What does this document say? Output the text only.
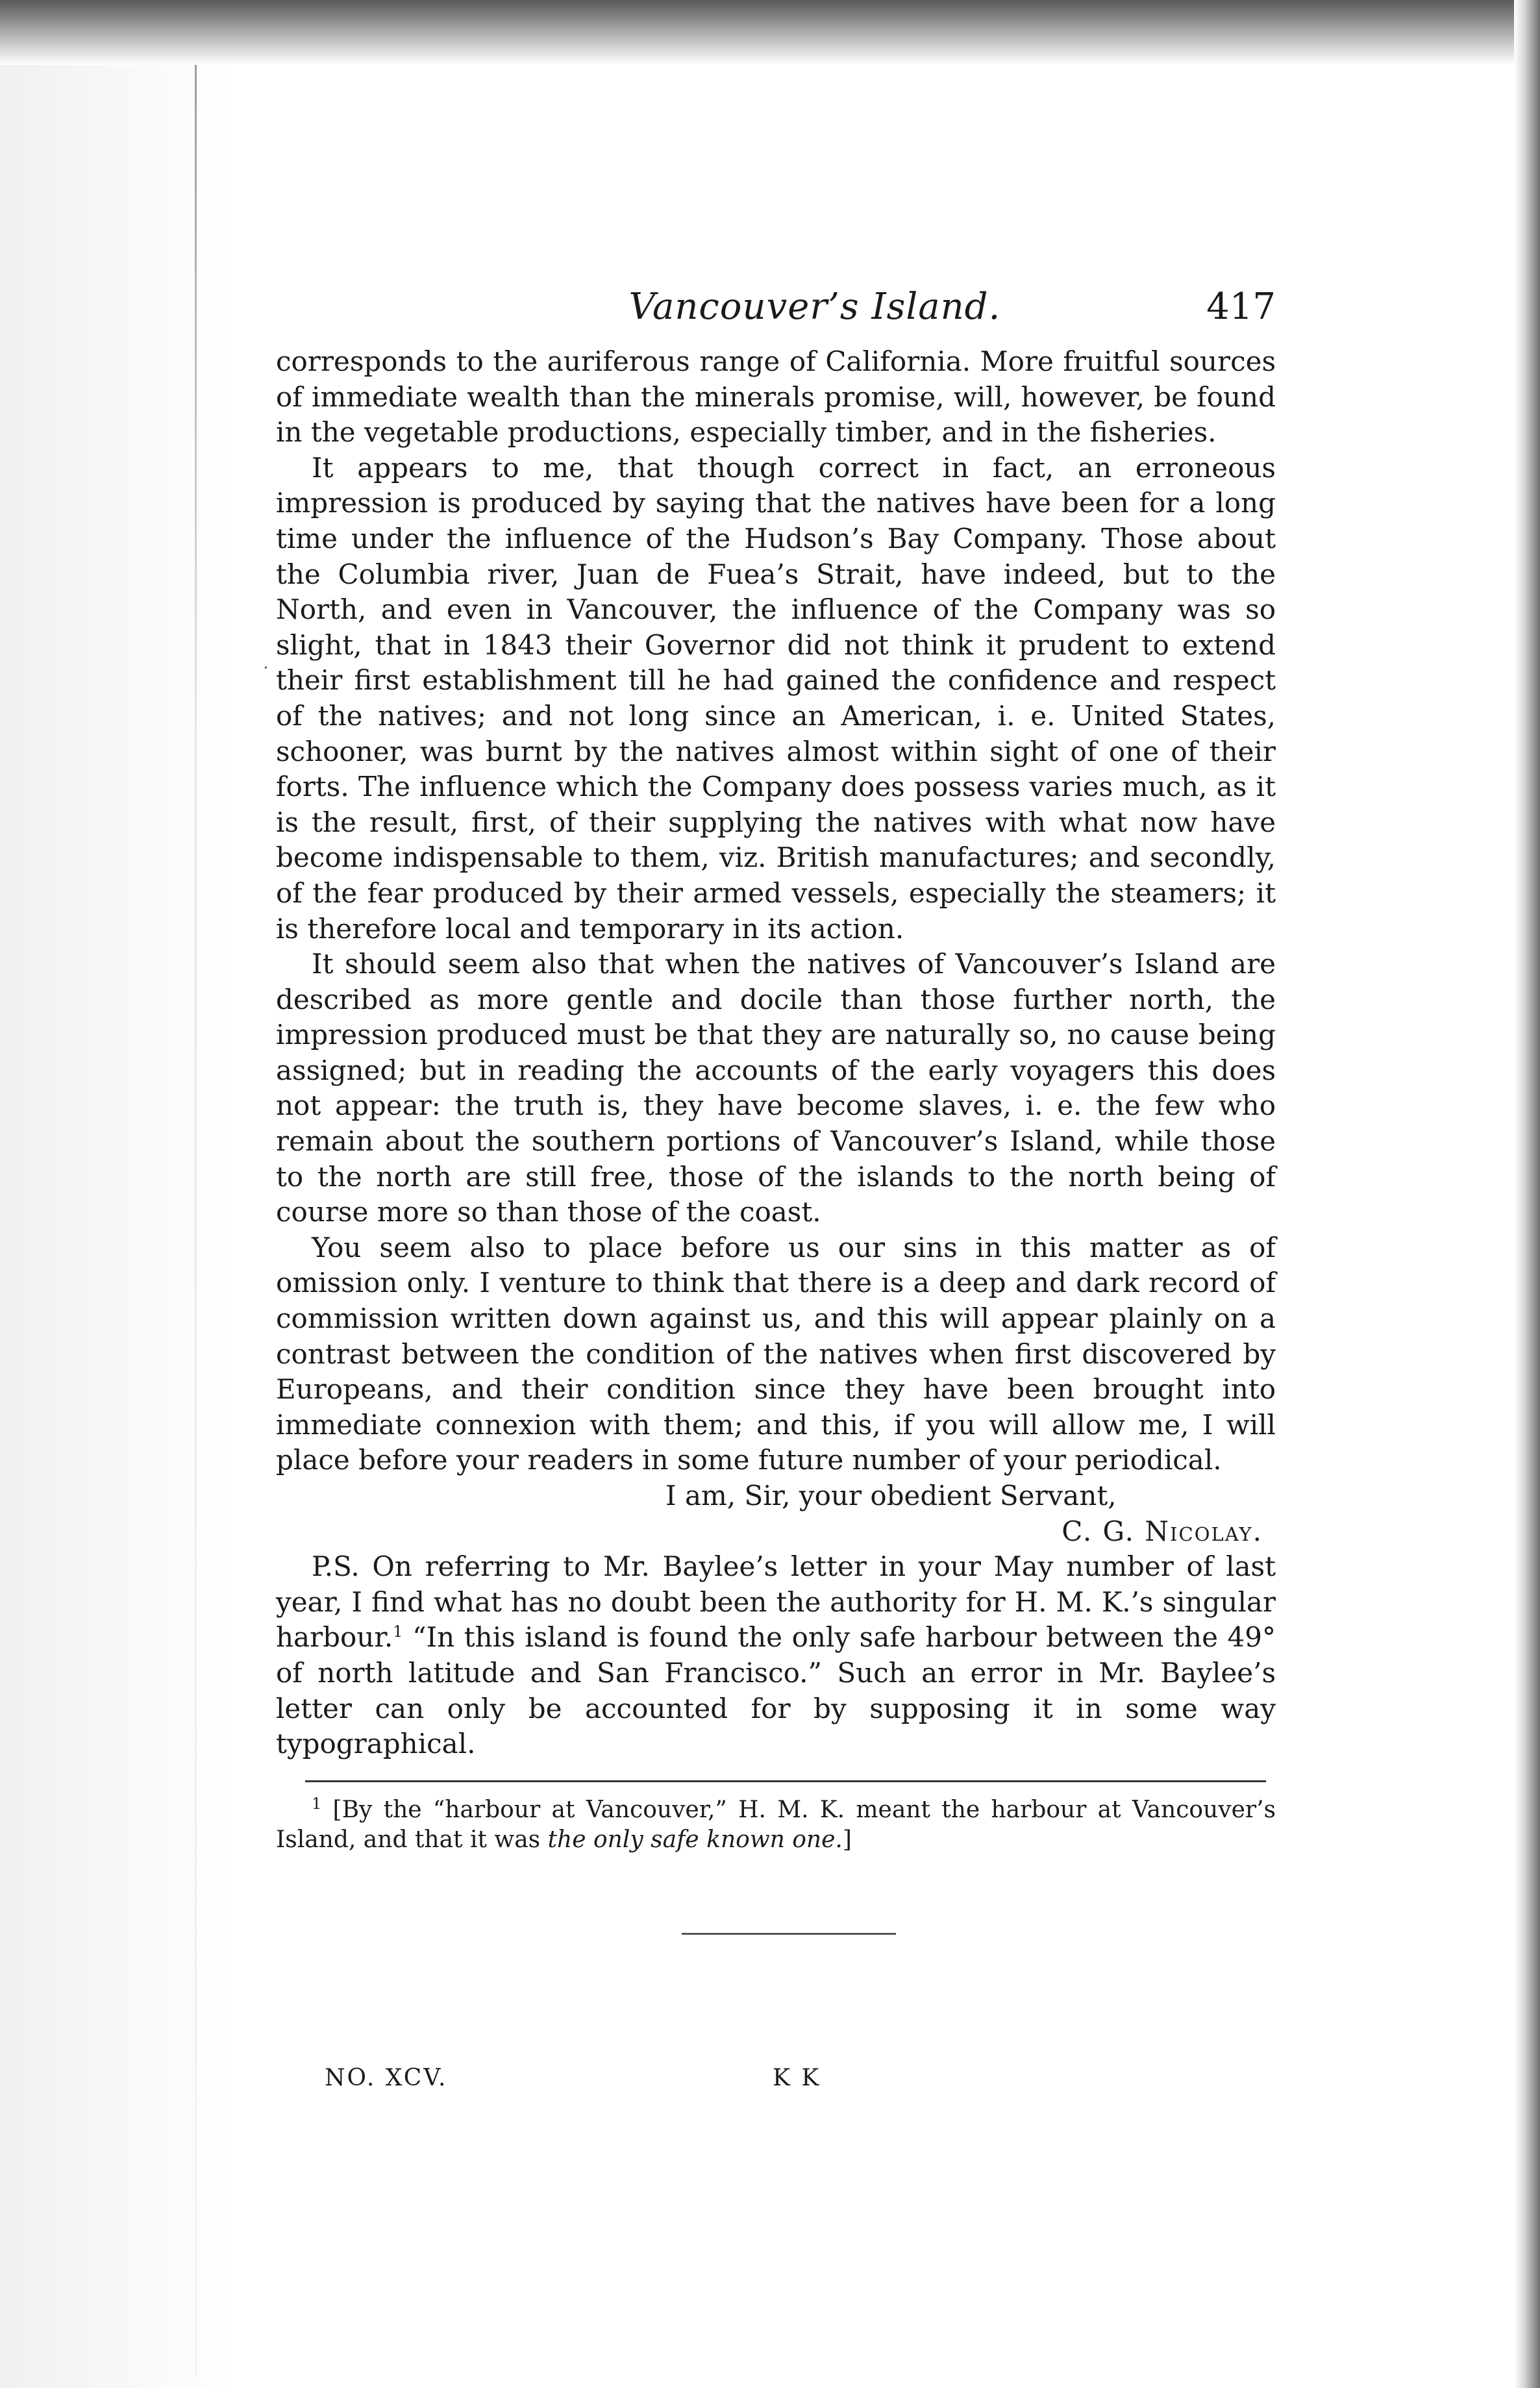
Vancouver’s Island.	417

corresponds to the auriferous range of California. More fruitful sources of immediate wealth than the minerals promise, will, however, be found in the vegetable productions, especially timber, and in the fisheries.

It appears to me, that though correct in fact, an erroneous impression is produced by saying that the natives have been for a long time under the influence of the Hudson’s Bay Company. Those about the Columbia river, Juan de Fuea’s Strait, have indeed, but to the North, and even in Vancouver, the influence of the Company was so slight, that in 1843 their Governor did not think it prudent to extend their first establishment till he had gained the confidence and respect of the natives; and not long since an American, i. e. United States, schooner, was burnt by the natives almost within sight of one of their forts. The influence which the Company does possess varies much, as it is the result, first, of their supplying the natives with what now have become indispensable to them, viz. British manufactures; and secondly, of the fear produced by their armed vessels, especially the steamers; it is therefore local and temporary in its action.

It should seem also that when the natives of Vancouver’s Island are described as more gentle and docile than those further north, the impression produced must be that they are naturally so, no cause being assigned; but in reading the accounts of the early voyagers this does not appear: the truth is, they have become slaves, i. e. the few who remain about the southern portions of Vancouver’s Island, while those to the north are still free, those of the islands to the north being of course more so than those of the coast.

You seem also to place before us our sins in this matter as of omission only. I venture to think that there is a deep and dark record of commission written down against us, and this will appear plainly on a contrast between the condition of the natives when first discovered by Europeans, and their condition since they have been brought into immediate connexion with them; and this, if you will allow me, I will place before your readers in some future number of your periodical.

I am, Sir, your obedient Servant,
C. G. Nicolay.

P.S. On referring to Mr. Baylee’s letter in your May number of last year, I find what has no doubt been the authority for H. M. K.’s singular harbour.$^1$ “In this island is found the only safe harbour between the 49° of north latitude and San Francisco.” Such an error in Mr. Baylee’s letter can only be accounted for by supposing it in some way typographical.

$^1$ [By the “harbour at Vancouver,” H. M. K. meant the harbour at Vancouver’s Island, and that it was the only safe known one.]
·
NO. XCV.	K K
